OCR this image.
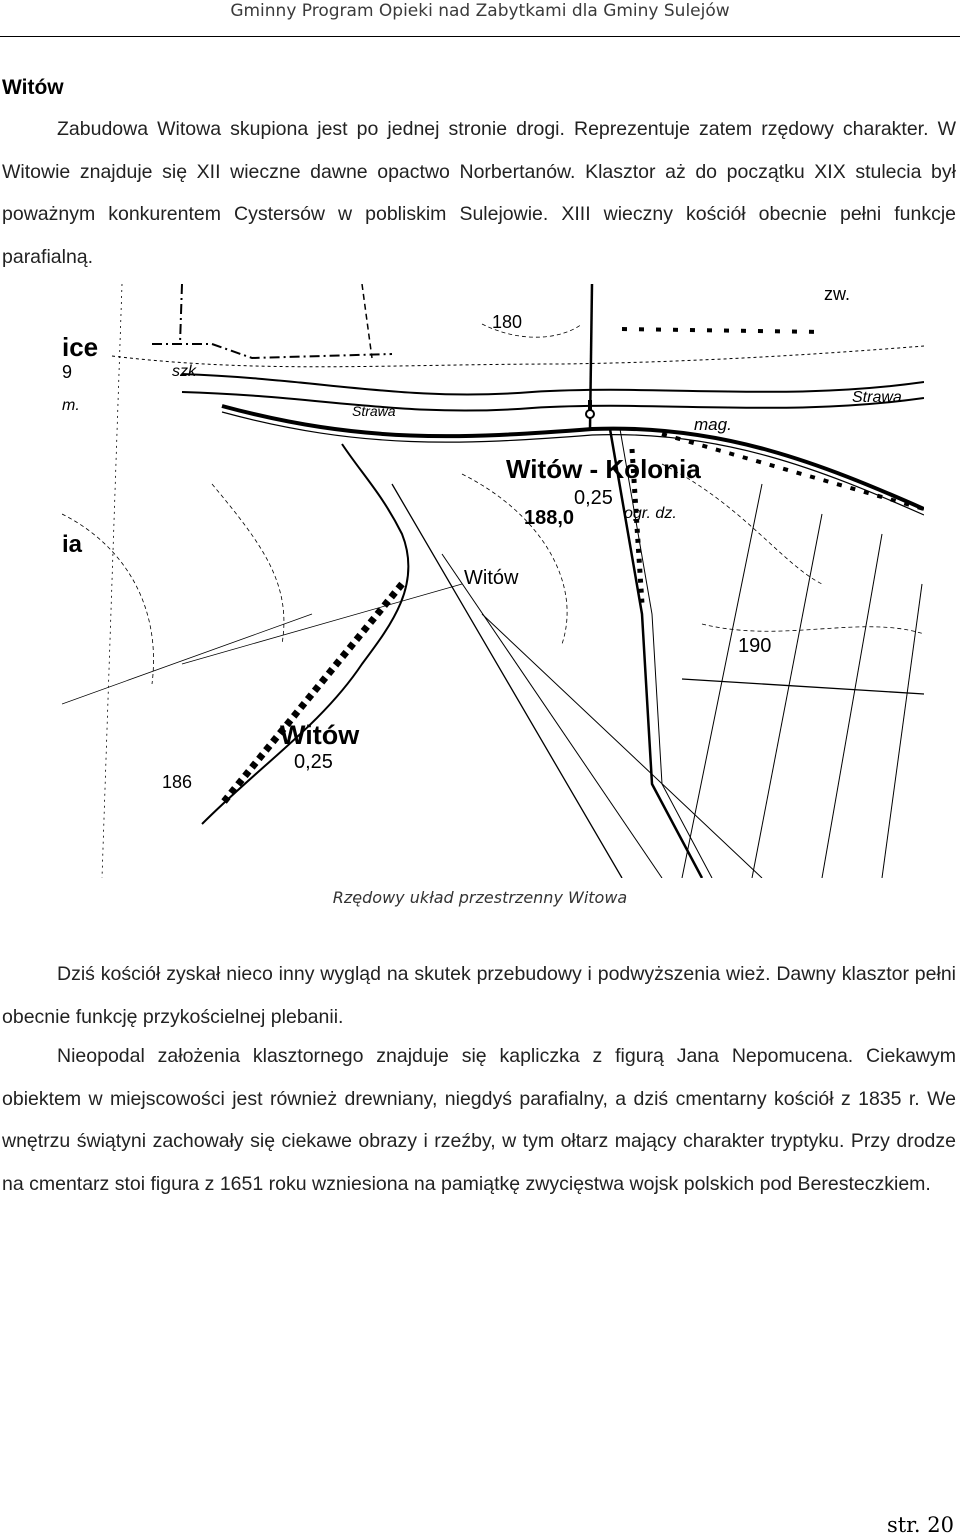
Gminny Program Opieki nad Zabytkami dla Gminy Sulejów
Witów
Zabudowa Witowa skupiona jest po jednej stronie drogi. Reprezentuje zatem rzędowy charakter. W Witowie znajduje się XII wieczne dawne opactwo Norbertanów. Klasztor aż do początku XIX stulecia był poważnym konkurentem Cystersów w pobliskim Sulejowie. XIII wieczny kościół obecnie pełni funkcje parafialną.
ice
9	szk
m.
zw.
180
Strawa
Strawa
mag.
Witów - Kolonia
0,25
188,0	ogr. dz.
ia
Witów
190
Witów
0,25
186
Rzędowy układ przestrzenny Witowa
Dziś kościół zyskał nieco inny wygląd na skutek przebudowy i podwyższenia wież. Dawny klasztor pełni obecnie funkcję przykościelnej plebanii.
Nieopodal założenia klasztornego znajduje się kapliczka z figurą Jana Nepomucena. Ciekawym obiektem w miejscowości jest również drewniany, niegdyś parafialny, a dziś cmentarny kościół z 1835 r. We wnętrzu świątyni zachowały się ciekawe obrazy i rzeźby, w tym ołtarz mający charakter tryptyku. Przy drodze na cmentarz stoi figura z 1651 roku wzniesiona na pamiątkę zwycięstwa wojsk polskich pod Beresteczkiem.
str. 20
